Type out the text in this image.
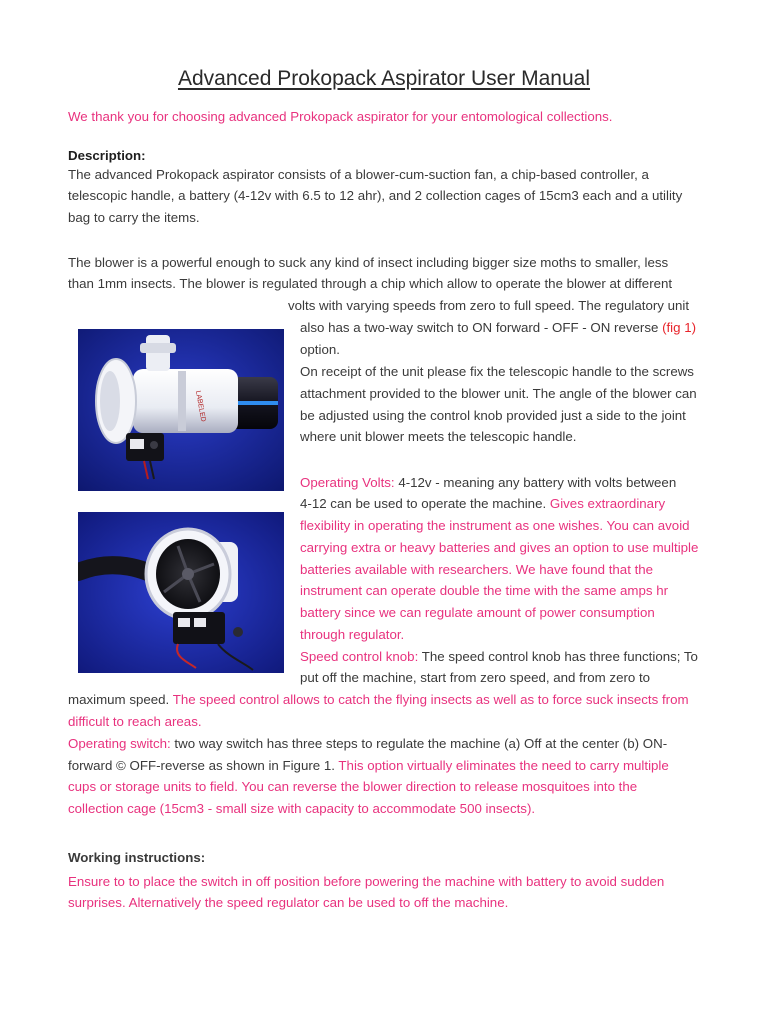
Advanced Prokopack Aspirator User Manual
We thank you for choosing advanced Prokopack aspirator for your entomological collections.
Description:
The advanced Prokopack aspirator consists of a blower-cum-suction fan, a chip-based controller, a
telescopic handle, a battery (4-12v with 6.5 to 12 ahr), and 2 collection cages of 15cm3 each and a utility
bag to carry the items.
The blower is a powerful enough to suck any kind of insect including bigger size moths to smaller, less
than 1mm insects. The blower is regulated through a chip which allow to operate the blower at different
volts with varying speeds from zero to full speed. The regulatory unit
also has a two-way switch to ON forward - OFF - ON reverse (fig 1)
option.
On receipt of the unit please fix the telescopic handle to the screws
attachment provided to the blower unit. The angle of the blower can
be adjusted using the control knob provided just a side to the joint
where unit blower meets the telescopic handle.
Operating Volts: 4-12v - meaning any battery with volts between
4-12 can be used to operate the machine. Gives extraordinary
flexibility in operating the instrument as one wishes. You can avoid
carrying extra or heavy batteries and gives an option to use multiple
batteries available with researchers. We have found that the
instrument can operate double the time with the same amps hr
battery since we can regulate amount of power consumption
through regulator.
Speed control knob: The speed control knob has three functions; To
put off the machine, start from zero speed, and from zero to
maximum speed. The speed control allows to catch the flying insects as well as to force suck insects from
difficult to reach areas.
Operating switch: two way switch has three steps to regulate the machine (a) Off at the center (b) ON-
forward © OFF-reverse as shown in Figure 1. This option virtually eliminates the need to carry multiple
cups or storage units to field. You can reverse the blower direction to release mosquitoes into the
collection cage (15cm3 - small size with capacity to accommodate 500 insects).
Working instructions:
Ensure to to place the switch in off position before powering the machine with battery to avoid sudden
surprises. Alternatively the speed regulator can be used to off the machine.
LABELED
